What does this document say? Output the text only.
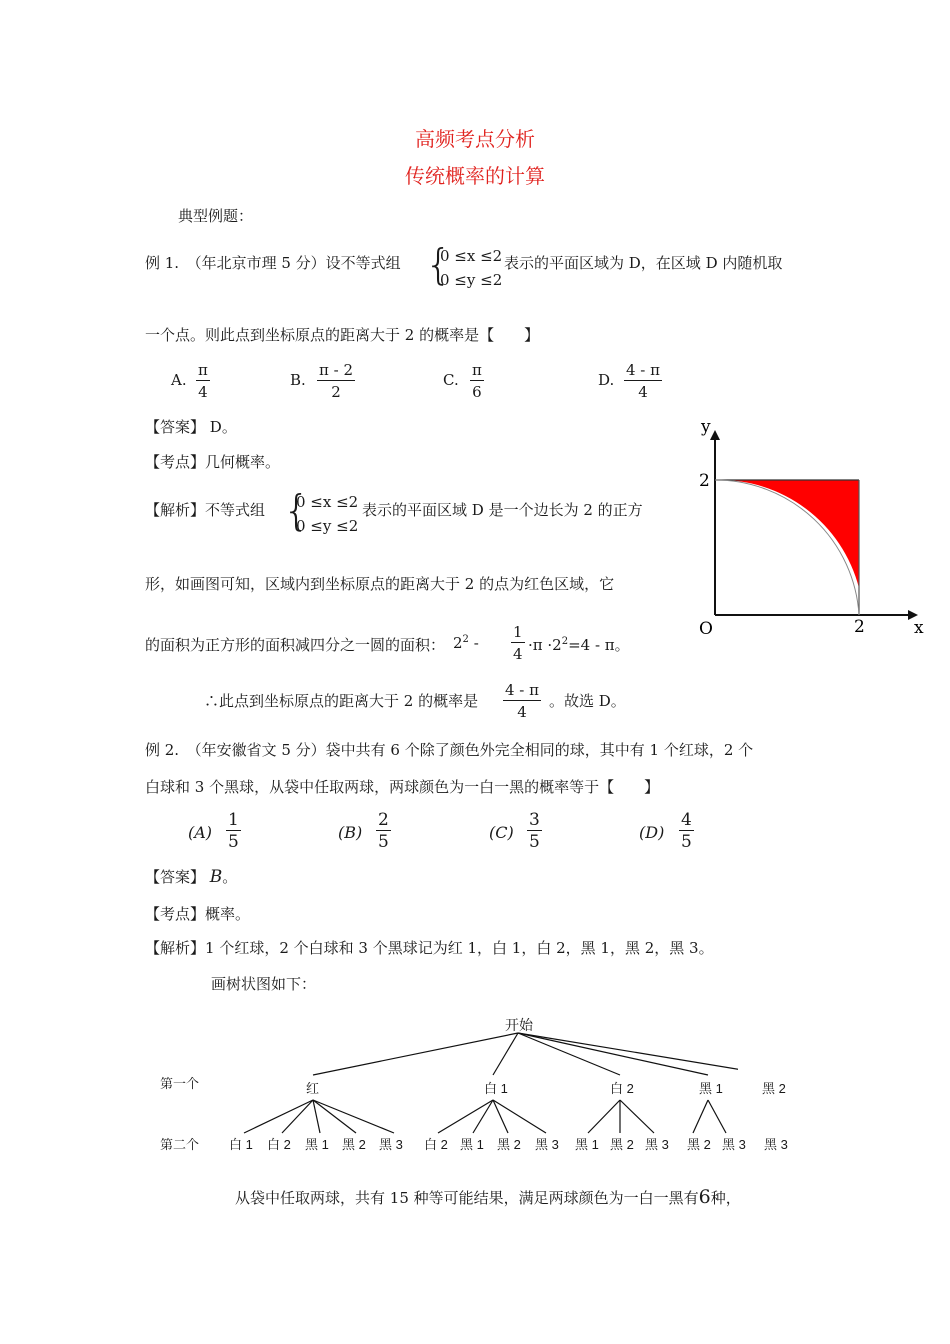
高频考点分析
传统概率的计算
典型例题：
例 1.　（年北京市理 5 分）设不等式组 {
0 ≤x ≤2
0 ≤y ≤2
表示的平面区域为 D，在区域 D 内随机取
一个点。则此点到坐标原点的距离大于 2 的概率是【　　】
A. $\frac{\pi}{4}$	B. $\frac{\pi - 2}{2}$	C. $\frac{\pi}{6}$	D. $\frac{4 - \pi}{4}$
【答案】 D。
【考点】几何概率。
【解析】不等式组 {
0 ≤x ≤2
0 ≤y ≤2
表示的平面区域 D 是一个边长为 2 的正方
形，如画图可知，区域内到坐标原点的距离大于 2 的点为红色区域，它
的面积为正方形的面积减四分之一圆的面积： $2^2 - \frac{1}{4} \cdot\pi \cdot 2^2=4 - \pi$。
∴此点到坐标原点的距离大于 2 的概率是 $\frac{4 - \pi}{4}$ 。故选 D。
y
x
O
2
2
例 2.　（年安徽省文 5 分）袋中共有 6 个除了颜色外完全相同的球，其中有 1 个红球，2 个
白球和 3 个黑球，从袋中任取两球，两球颜色为一白一黑的概率等于【　　】
$(A) \frac{1}{5}$	$(B) \frac{2}{5}$	$(C) \frac{3}{5}$	$(D) \frac{4}{5}$
【答案】 B。
【考点】概率。
【解析】1 个红球，2 个白球和 3 个黑球记为红 1，白 1，白 2，黑 1，黑 2，黑 3。
画树状图如下：
开始
第一个
第二个
红	白 1	白 2	黑 1	黑 2
白 1 白 2 黑 1 黑 2 黑 3 白 2 黑 1 黑 2 黑 3 黑 1 黑 2 黑 3 黑 2 黑 3 黑 3
从袋中任取两球，共有 15 种等可能结果，满足两球颜色为一白一黑有6种，
